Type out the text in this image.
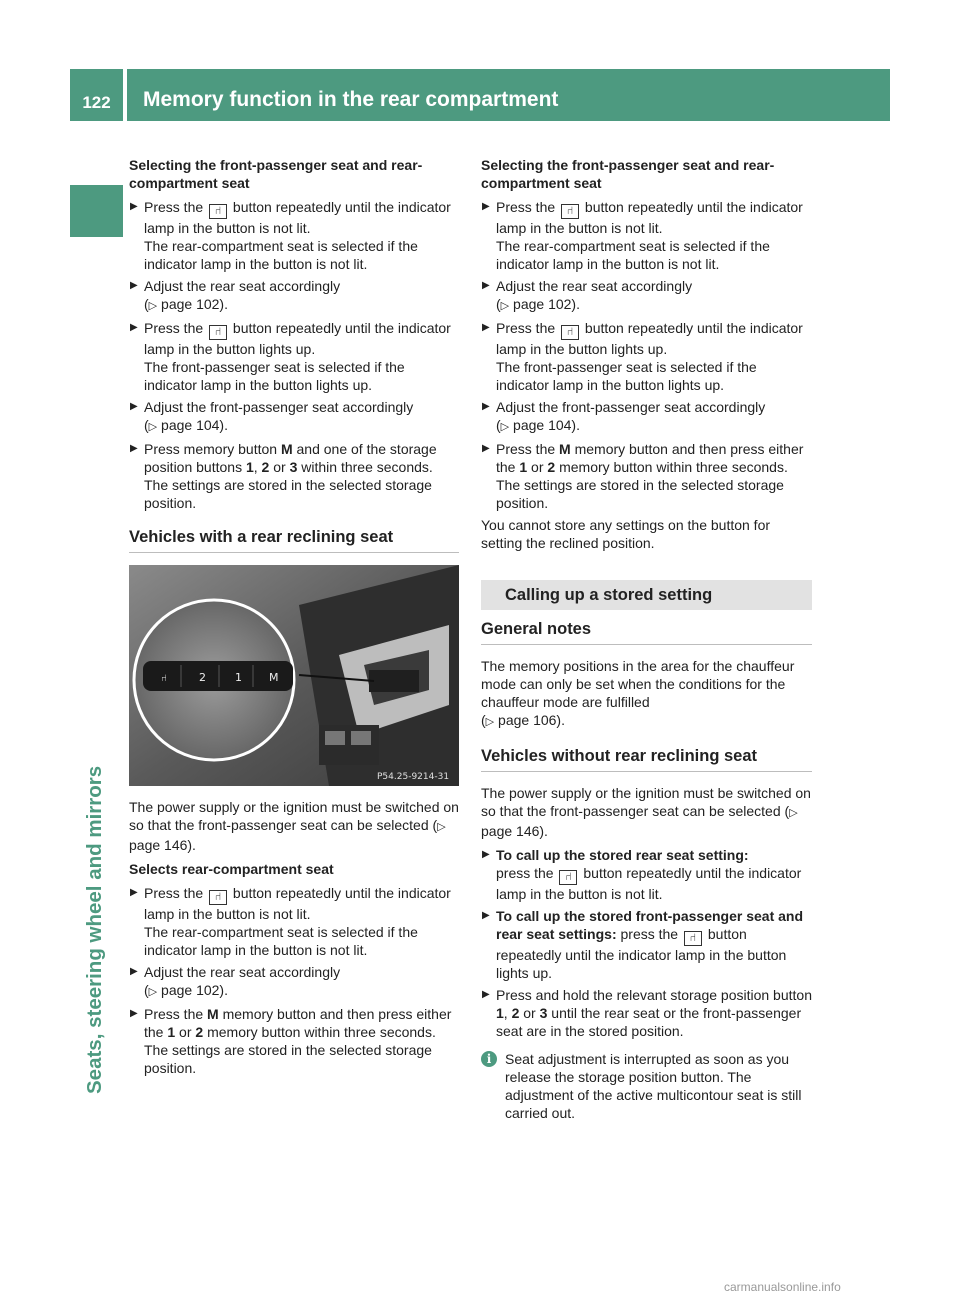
122	Memory function in the rear compartment
Seats, steering wheel and mirrors
Selecting the front-passenger seat and rear-compartment seat
▶ Press the ⑁ button repeatedly until the indicator lamp in the button is not lit.
The rear-compartment seat is selected if the indicator lamp in the button is not lit.
▶ Adjust the rear seat accordingly
(▷ page 102).
▶ Press the ⑁ button repeatedly until the indicator lamp in the button lights up.
The front-passenger seat is selected if the indicator lamp in the button lights up.
▶ Adjust the front-passenger seat accordingly
(▷ page 104).
▶ Press memory button M and one of the storage position buttons 1, 2 or 3 within three seconds.
The settings are stored in the selected storage position.
Vehicles with a rear reclining seat
⑁	2	1 M
P54.25-9214-31
The power supply or the ignition must be switched on so that the front-passenger seat can be selected (▷ page 146).
Selects rear-compartment seat
▶ Press the ⑁ button repeatedly until the indicator lamp in the button is not lit.
The rear-compartment seat is selected if the indicator lamp in the button is not lit.
▶ Adjust the rear seat accordingly
(▷ page 102).
▶ Press the M memory button and then press either the 1 or 2 memory button within three seconds.
The settings are stored in the selected storage position.
Selecting the front-passenger seat and rear-compartment seat
▶ Press the ⑁ button repeatedly until the indicator lamp in the button is not lit.
The rear-compartment seat is selected if the indicator lamp in the button is not lit.
▶ Adjust the rear seat accordingly
(▷ page 102).
▶ Press the ⑁ button repeatedly until the indicator lamp in the button lights up.
The front-passenger seat is selected if the indicator lamp in the button lights up.
▶ Adjust the front-passenger seat accordingly
(▷ page 104).
▶ Press the M memory button and then press either the 1 or 2 memory button within three seconds.
The settings are stored in the selected storage position.
You cannot store any settings on the button for setting the reclined position.
Calling up a stored setting
General notes
The memory positions in the area for the chauffeur mode can only be set when the conditions for the chauffeur mode are fulfilled
(▷ page 106).
Vehicles without rear reclining seat
The power supply or the ignition must be switched on so that the front-passenger seat can be selected (▷ page 146).
▶ To call up the stored rear seat setting:
press the ⑁ button repeatedly until the indicator lamp in the button is not lit.
▶ To call up the stored front-passenger seat and rear seat settings: press the ⑁ button repeatedly until the indicator lamp in the button lights up.
▶ Press and hold the relevant storage position button 1, 2 or 3 until the rear seat or the front-passenger seat are in the stored position.
i Seat adjustment is interrupted as soon as you release the storage position button. The adjustment of the active multicontour seat is still carried out.
carmanualsonline.info
